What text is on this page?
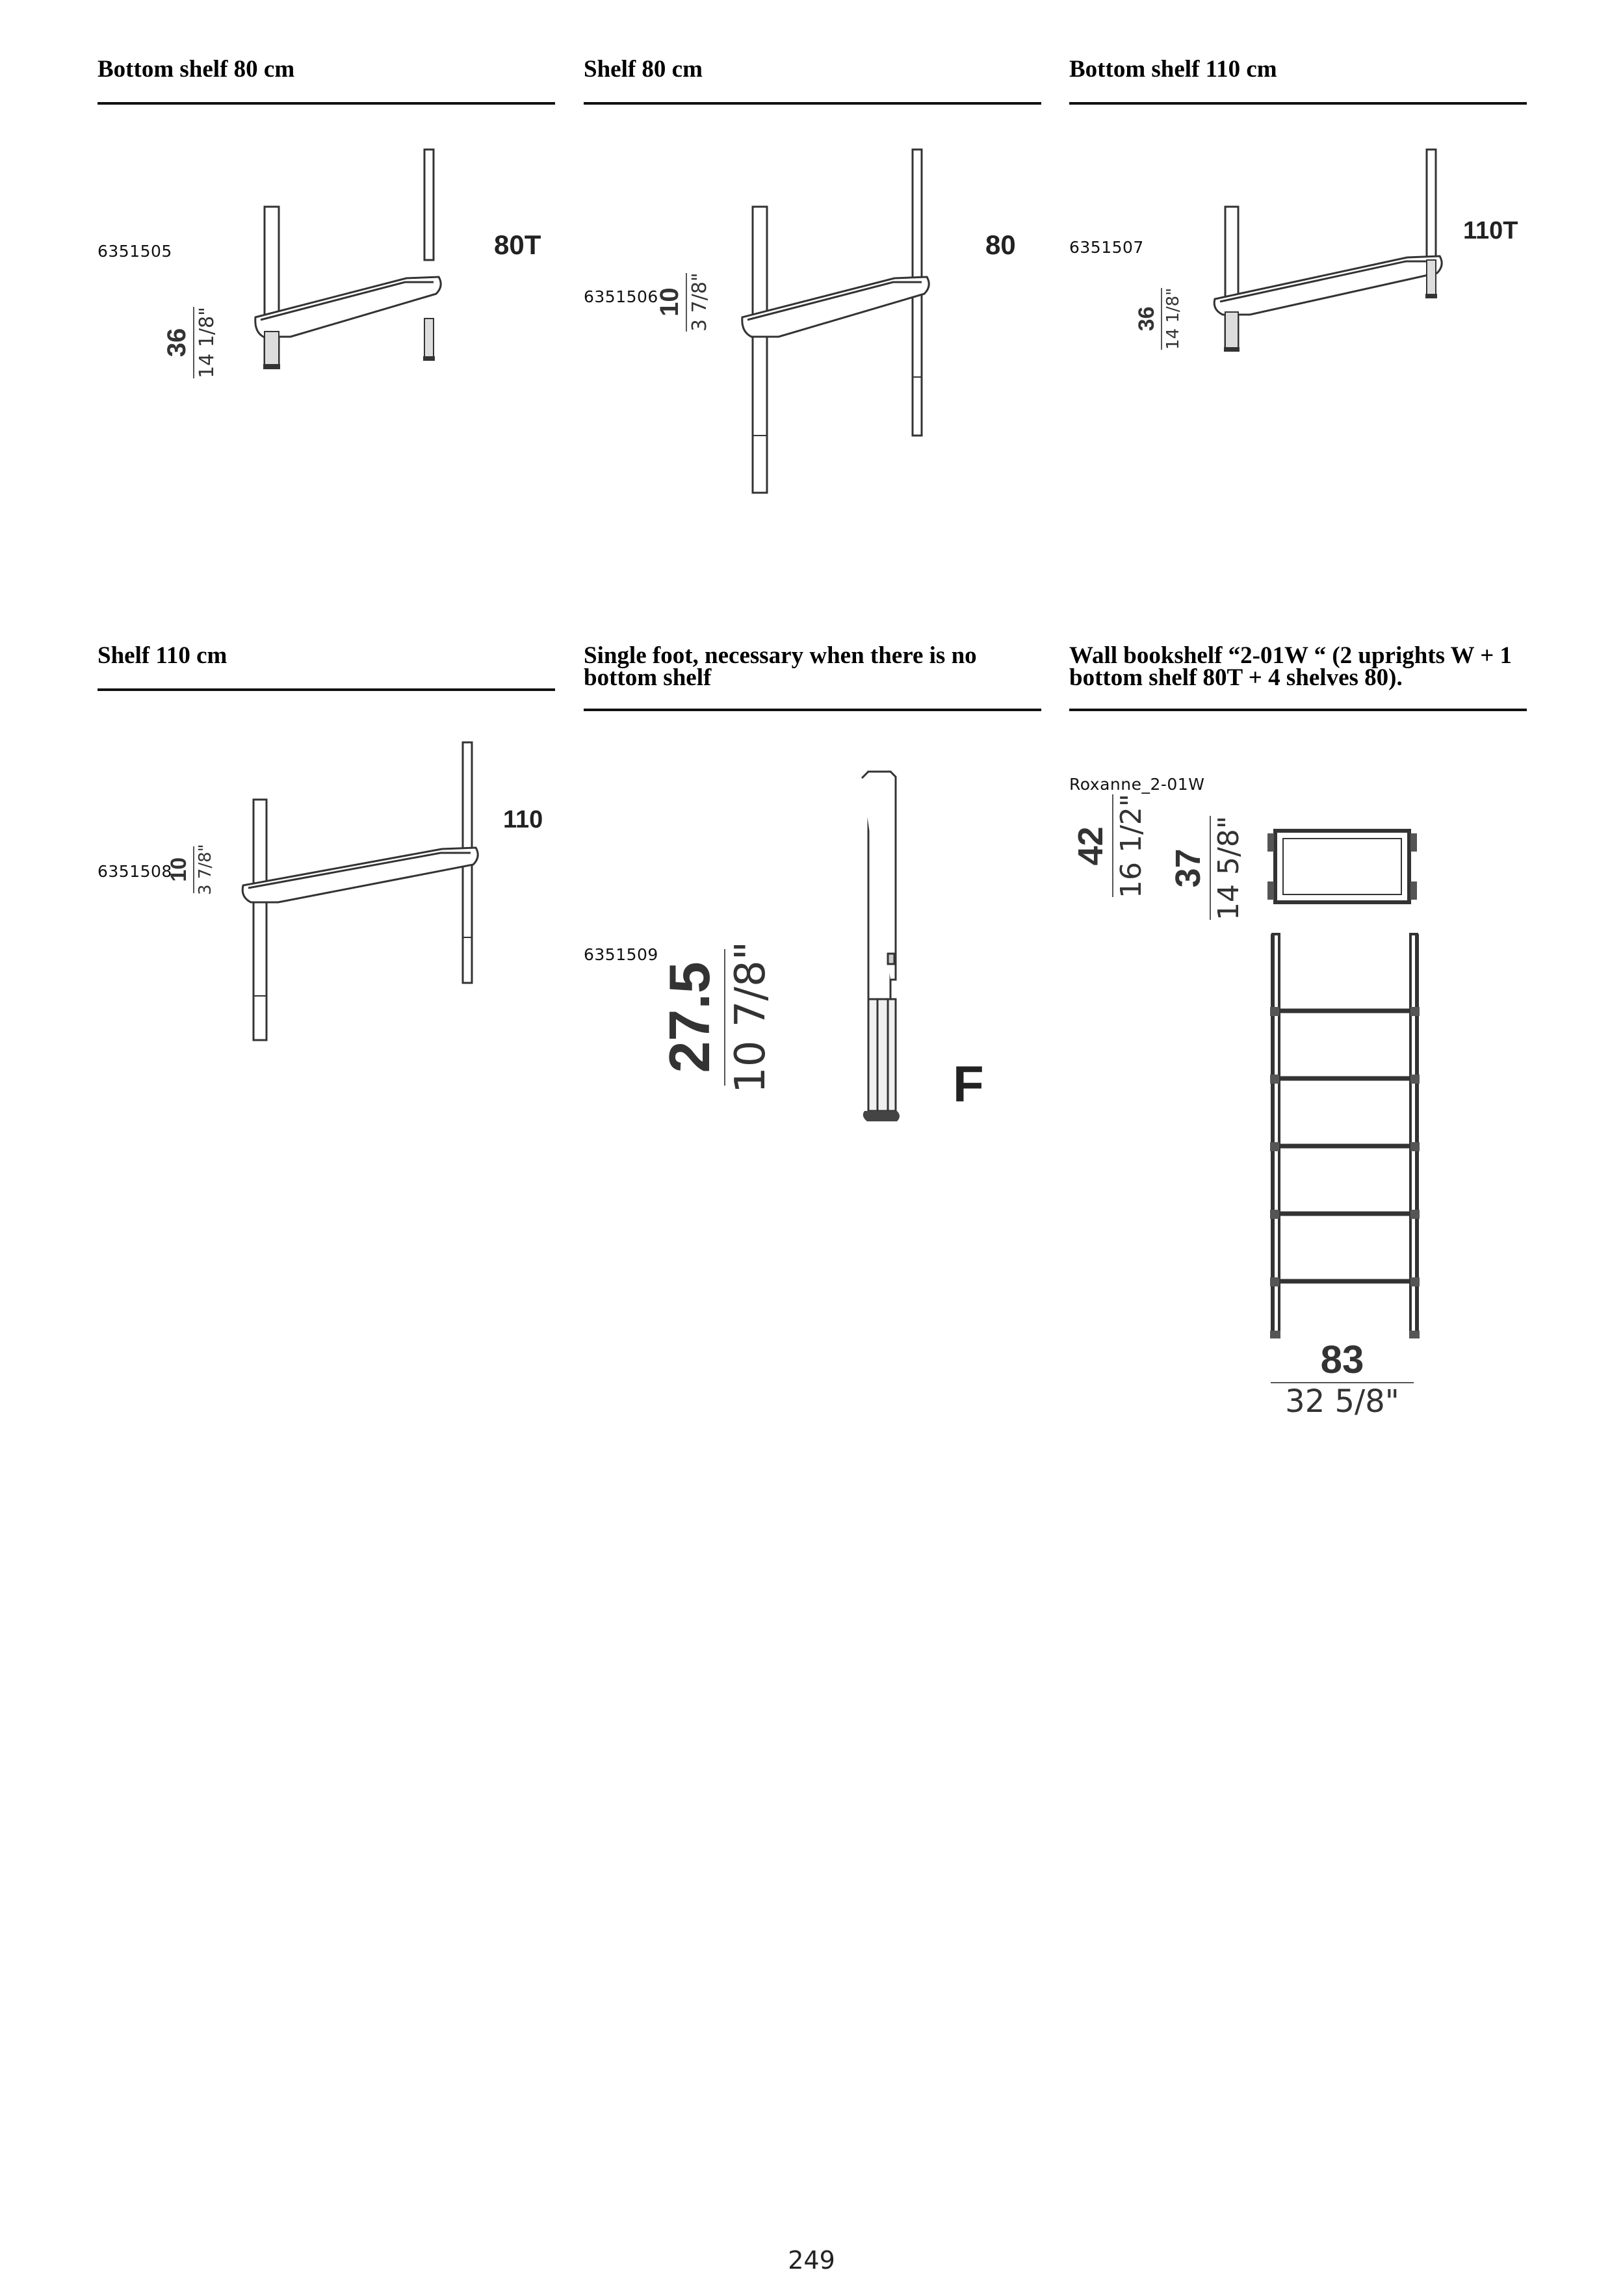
Bottom shelf 80 cm
6351505
36 14 1/8"
80T
Shelf 80 cm
6351506
10 3 7/8"
80
Bottom shelf 110 cm
6351507
36 14 1/8"
110T
Shelf 110 cm
6351508
10 3 7/8"
110
Single foot, necessary when there is no bottom shelf
6351509
27.5 10 7/8"	F
Wall bookshelf “2-01W “ (2 uprights W + 1 bottom shelf 80T + 4 shelves 80).
Roxanne_2-01W
42 16 1/2" 37 14 5/8"
83
32 5/8"
249
